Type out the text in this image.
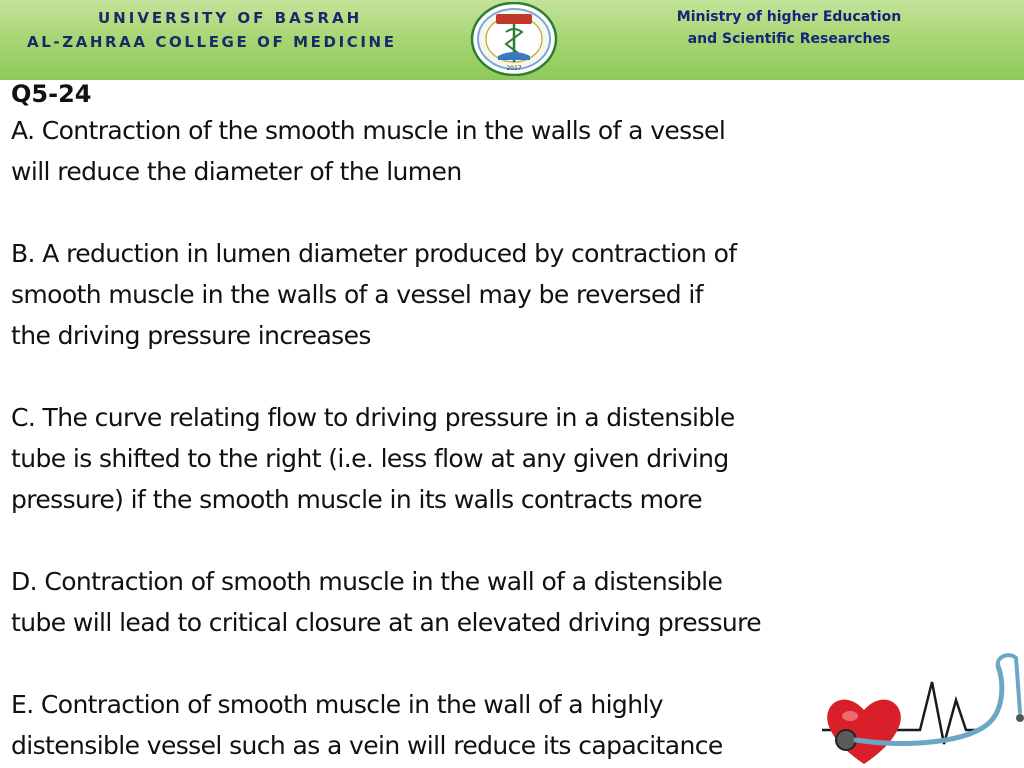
UNIVERSITY OF BASRAH
AL-ZAHRAA COLLEGE OF MEDICINE
2017
Ministry of higher Education
and Scientific Researches
Q5-24
A. Contraction of the smooth muscle in the walls of a vessel
will reduce the diameter of the lumen
B. A reduction in lumen diameter produced by contraction of
smooth muscle in the walls of a vessel may be reversed if
the driving pressure increases
C. The curve relating flow to driving pressure in a distensible
tube is shifted to the right (i.e. less flow at any given driving
pressure) if the smooth muscle in its walls contracts more
D. Contraction of smooth muscle in the wall of a distensible
tube will lead to critical closure at an elevated driving pressure
E. Contraction of smooth muscle in the wall of a highly
distensible vessel such as a vein will reduce its capacitance
